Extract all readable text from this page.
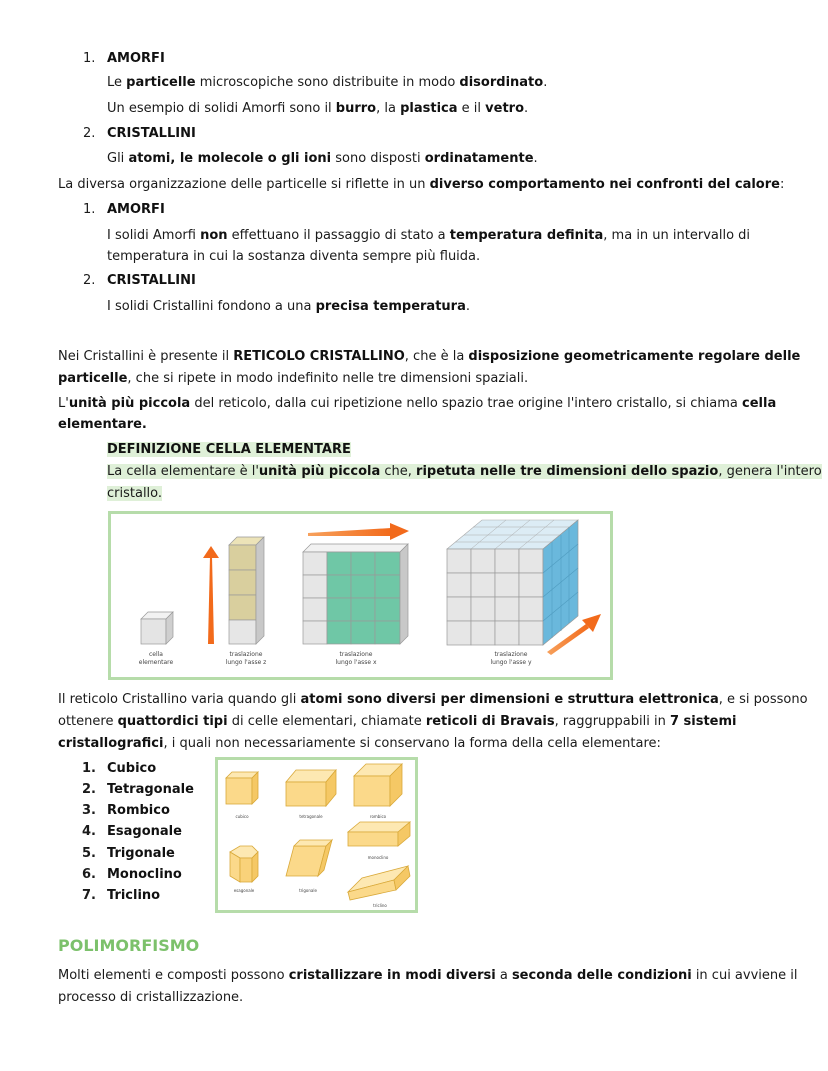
1. AMORFI
Le particelle microscopiche sono distribuite in modo disordinato.
Un esempio di solidi Amorfi sono il burro, la plastica e il vetro.
2. CRISTALLINI
Gli atomi, le molecole o gli ioni sono disposti ordinatamente.
La diversa organizzazione delle particelle si riflette in un diverso comportamento nei confronti del calore:
1. AMORFI
I solidi Amorfi non effettuano il passaggio di stato a temperatura definita, ma in un intervallo di
temperatura in cui la sostanza diventa sempre più fluida.
2. CRISTALLINI
I solidi Cristallini fondono a una precisa temperatura.
Nei Cristallini è presente il RETICOLO CRISTALLINO, che è la disposizione geometricamente regolare delle
particelle, che si ripete in modo indefinito nelle tre dimensioni spaziali.
L'unità più piccola del reticolo, dalla cui ripetizione nello spazio trae origine l'intero cristallo, si chiama cella
elementare.
DEFINIZIONE CELLA ELEMENTARE
La cella elementare è l'unità più piccola che, ripetuta nelle tre dimensioni dello spazio, genera l'intero
cristallo.
cella
elementare
traslazione
lungo l'asse z
traslazione
lungo l'asse x
traslazione
lungo l'asse y
Il reticolo Cristallino varia quando gli atomi sono diversi per dimensioni e struttura elettronica, e si possono
ottenere quattordici tipi di celle elementari, chiamate reticoli di Bravais, raggruppabili in 7 sistemi
cristallografici, i quali non necessariamente si conservano la forma della cella elementare:
1. Cubico
2. Tetragonale
3. Rombico
4. Esagonale
5. Trigonale
6. Monoclino
7. Triclino
cubico	tetragonale	rombico
monoclino
esagonale	trigonale
triclino
POLIMORFISMO
Molti elementi e composti possono cristallizzare in modi diversi a seconda delle condizioni in cui avviene il
processo di cristallizzazione.
